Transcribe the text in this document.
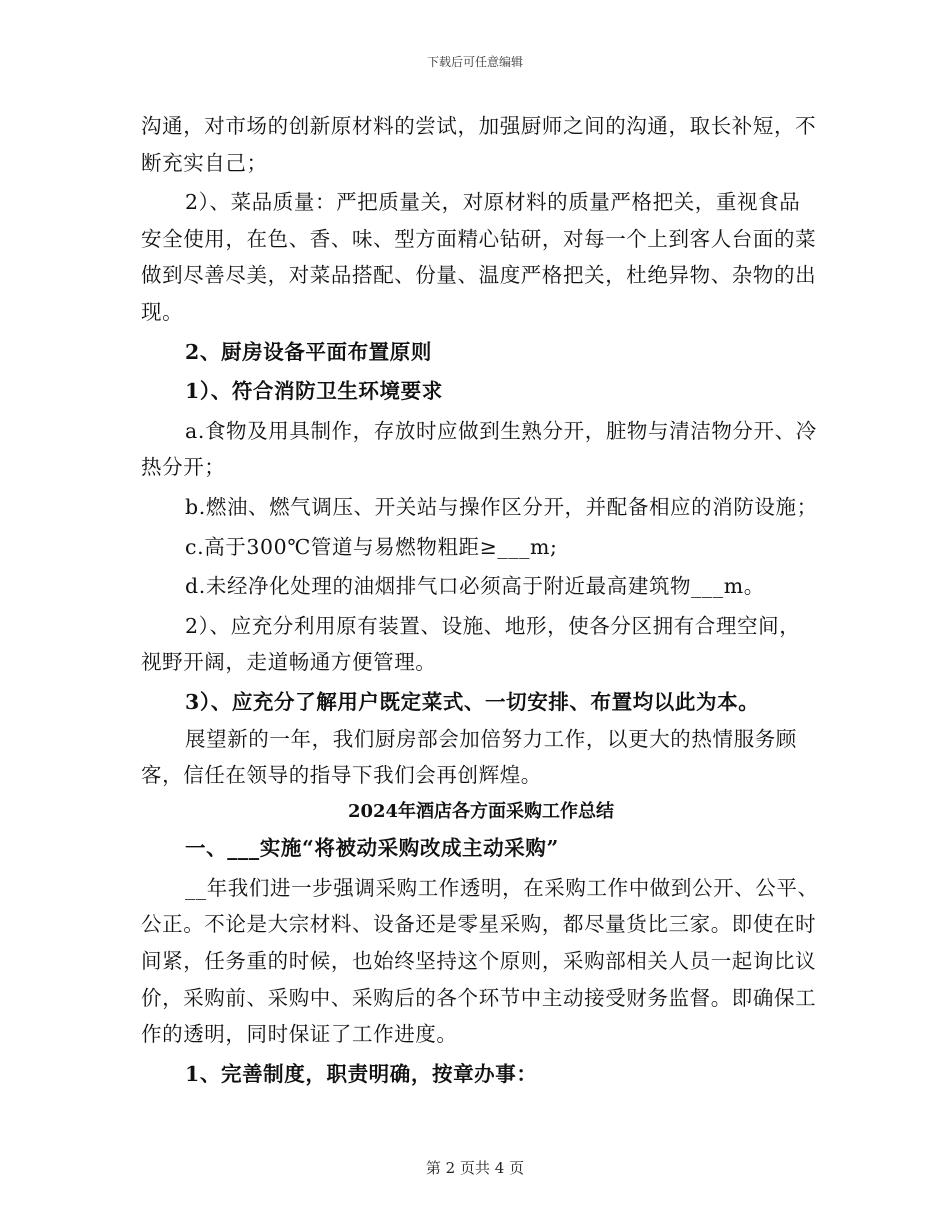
下载后可任意编辑

沟通，对市场的创新原材料的尝试，加强厨师之间的沟通，取长补短，不断充实自己；

2）、菜品质量：严把质量关，对原材料的质量严格把关，重视食品安全使用，在色、香、味、型方面精心钻研，对每一个上到客人台面的菜做到尽善尽美，对菜品搭配、份量、温度严格把关，杜绝异物、杂物的出现。

2、厨房设备平面布置原则

1）、符合消防卫生环境要求

a.食物及用具制作，存放时应做到生熟分开，脏物与清洁物分开、冷热分开；

b.燃油、燃气调压、开关站与操作区分开，并配备相应的消防设施；

c.高于300℃管道与易燃物粗距≥___m;

d.未经净化处理的油烟排气口必须高于附近最高建筑物___m。

2）、应充分利用原有装置、设施、地形，使各分区拥有合理空间，视野开阔，走道畅通方便管理。

3）、应充分了解用户既定菜式、一切安排、布置均以此为本。

展望新的一年，我们厨房部会加倍努力工作，以更大的热情服务顾客，信任在领导的指导下我们会再创辉煌。

2024年酒店各方面采购工作总结

一、___实施“将被动采购改成主动采购”

__年我们进一步强调采购工作透明，在采购工作中做到公开、公平、公正。不论是大宗材料、设备还是零星采购，都尽量货比三家。即使在时间紧，任务重的时候，也始终坚持这个原则，采购部相关人员一起询比议价，采购前、采购中、采购后的各个环节中主动接受财务监督。即确保工作的透明，同时保证了工作进度。

1、完善制度，职责明确，按章办事：

第 2 页共 4 页
